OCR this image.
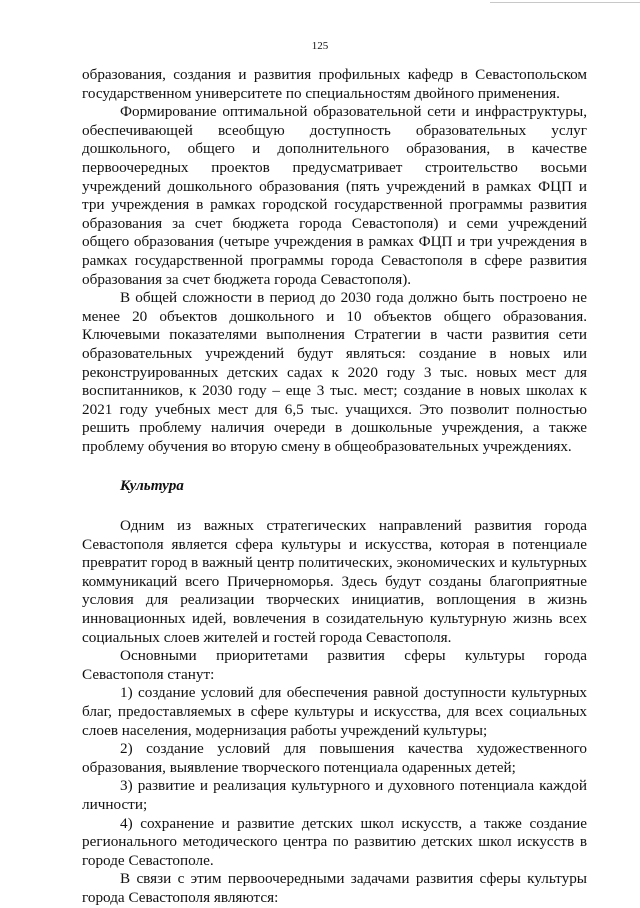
125

образования, создания и развития профильных кафедр в Севастопольском государственном университете по специальностям двойного применения.

Формирование оптимальной образовательной сети и инфраструктуры, обеспечивающей всеобщую доступность образовательных услуг дошкольного, общего и дополнительного образования, в качестве первоочередных проектов предусматривает строительство восьми учреждений дошкольного образования (пять учреждений в рамках ФЦП и три учреждения в рамках городской государственной программы развития образования за счет бюджета города Севастополя) и семи учреждений общего образования (четыре учреждения в рамках ФЦП и три учреждения в рамках государственной программы города Севастополя в сфере развития образования за счет бюджета города Севастополя).

В общей сложности в период до 2030 года должно быть построено не менее 20 объектов дошкольного и 10 объектов общего образования. Ключевыми показателями выполнения Стратегии в части развития сети образовательных учреждений будут являться: создание в новых или реконструированных детских садах к 2020 году 3 тыс. новых мест для воспитанников, к 2030 году – еще 3 тыс. мест; создание в новых школах к 2021 году учебных мест для 6,5 тыс. учащихся. Это позволит полностью решить проблему наличия очереди в дошкольные учреждения, а также проблему обучения во вторую смену в общеобразовательных учреждениях.

Культура

Одним из важных стратегических направлений развития города Севастополя является сфера культуры и искусства, которая в потенциале превратит город в важный центр политических, экономических и культурных коммуникаций всего Причерноморья. Здесь будут созданы благоприятные условия для реализации творческих инициатив, воплощения в жизнь инновационных идей, вовлечения в созидательную культурную жизнь всех социальных слоев жителей и гостей города Севастополя.

Основными приоритетами развития сферы культуры города Севастополя станут:

1) создание условий для обеспечения равной доступности культурных благ, предоставляемых в сфере культуры и искусства, для всех социальных слоев населения, модернизация работы учреждений культуры;

2) создание условий для повышения качества художественного образования, выявление творческого потенциала одаренных детей;

3) развитие и реализация культурного и духовного потенциала каждой личности;

4) сохранение и развитие детских школ искусств, а также создание регионального методического центра по развитию детских школ искусств в городе Севастополе.

В связи с этим первоочередными задачами развития сферы культуры города Севастополя являются:
